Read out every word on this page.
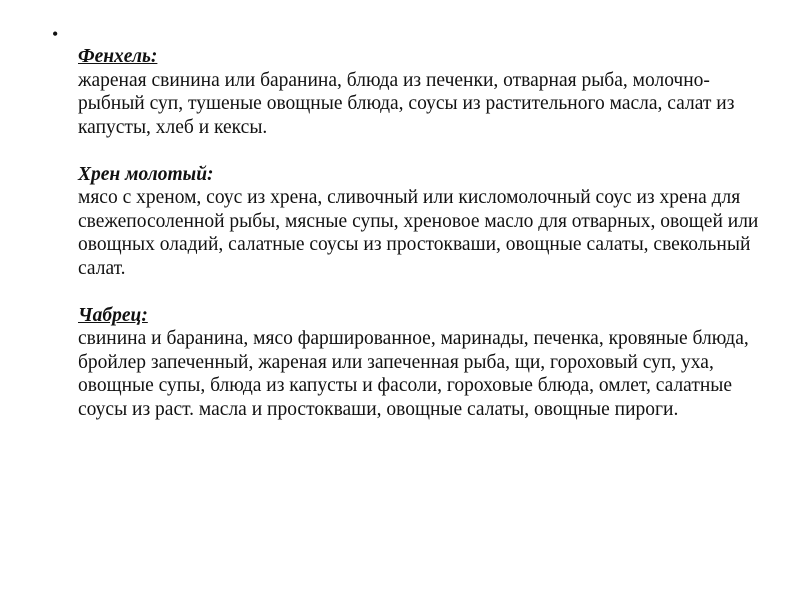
•
Фенхель:
жареная свинина или баранина, блюда из печенки, отварная рыба, молочно-рыбный суп, тушеные овощные блюда, соусы из растительного масла, салат из капусты, хлеб и кексы.
Хрен молотый:
мясо с хреном, соус из хрена, сливочный или кисломолочный соус из хрена для свежепосоленной рыбы, мясные супы, хреновое масло для отварных, овощей или овощных оладий, салатные соусы из простокваши, овощные салаты, свекольный салат.
Чабрец:
свинина и баранина, мясо фаршированное, маринады, печенка, кровяные блюда, бройлер запеченный, жареная или запеченная рыба, щи, гороховый суп, уха, овощные супы, блюда из капусты и фасоли, гороховые блюда, омлет, салатные соусы из раст. масла и простокваши, овощные салаты, овощные пироги.
